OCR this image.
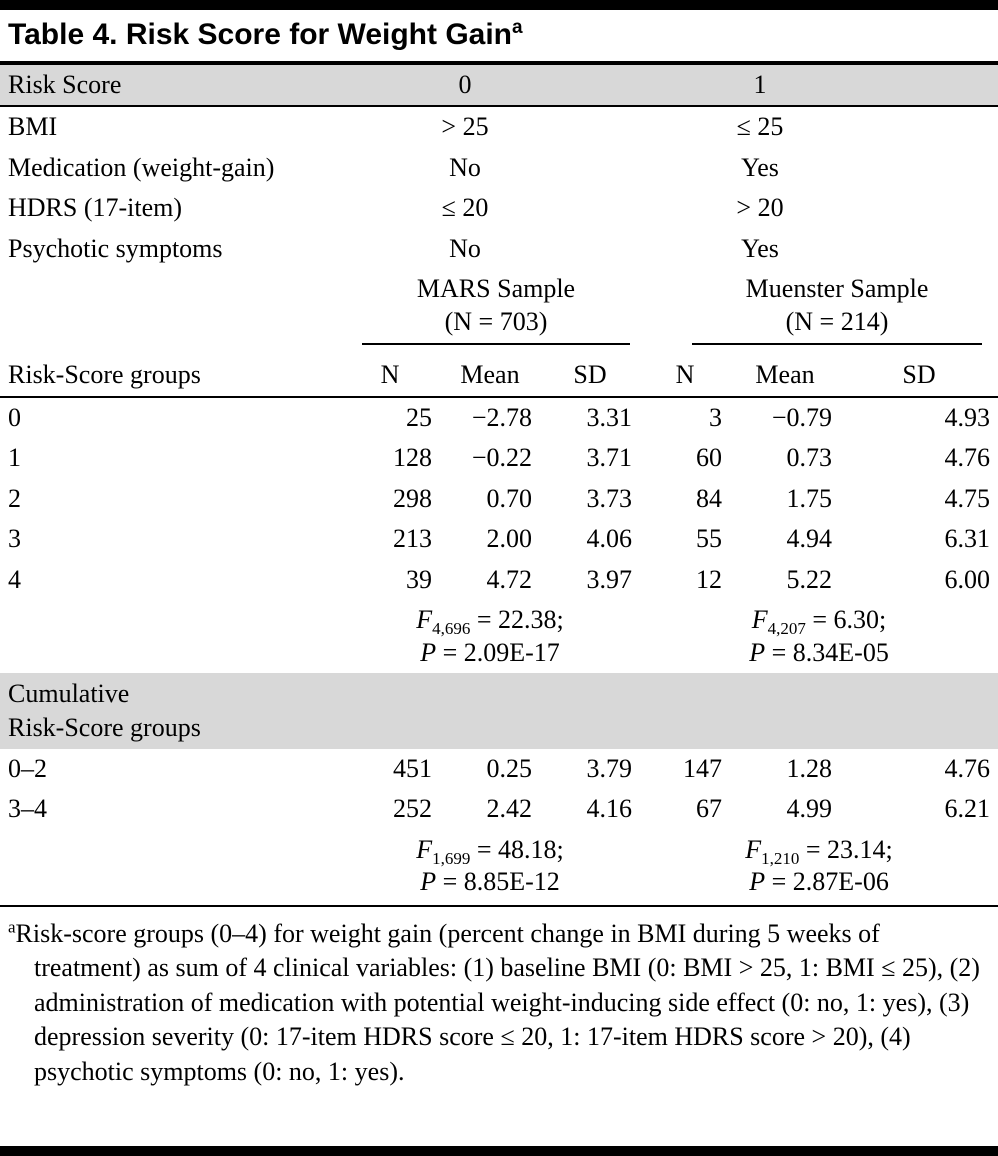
Table 4. Risk Score for Weight Gain$^a$
Risk Score	0	1	
BMI	> 25	≤ 25	
Medication (weight-gain)	No	Yes	
HDRS (17-item)	≤ 20	> 20	
Psychotic symptoms	No	Yes	

MARS Sample
(N = 703)

Muenster Sample
(N = 214)

Risk-Score groups	N	Mean	SD	N	Mean	SD
0	25	−2.78	3.31	3	−0.79	4.93
1	128	−0.22	3.71	60	0.73	4.76
2	298	0.70	3.73	84	1.75	4.75
3	213	2.00	4.06	55	4.94	6.31
4	39	4.72	3.97	12	5.22	6.00

$F_{4,696} = 22.38$;
P = 2.09E-17

$F_{4,207} = 6.30$;
P = 8.34E-05

Cumulative
Risk-Score groups						

0–2	451	0.25	3.79	147	1.28	4.76
3–4	252	2.42	4.16	67	4.99	6.21

$F_{1,699} = 48.18$;
P = 8.85E-12

$F_{1,210} = 23.14$;
P = 2.87E-06

$^a$Risk-score groups (0–4) for weight gain (percent change in BMI during 5 weeks of treatment) as sum of 4 clinical variables: (1) baseline BMI (0: BMI > 25, 1: BMI ≤ 25), (2) administration of medication with potential weight-inducing side effect (0: no, 1: yes), (3) depression severity (0: 17-item HDRS score ≤ 20, 1: 17-item HDRS score > 20), (4) psychotic symptoms (0: no, 1: yes).
